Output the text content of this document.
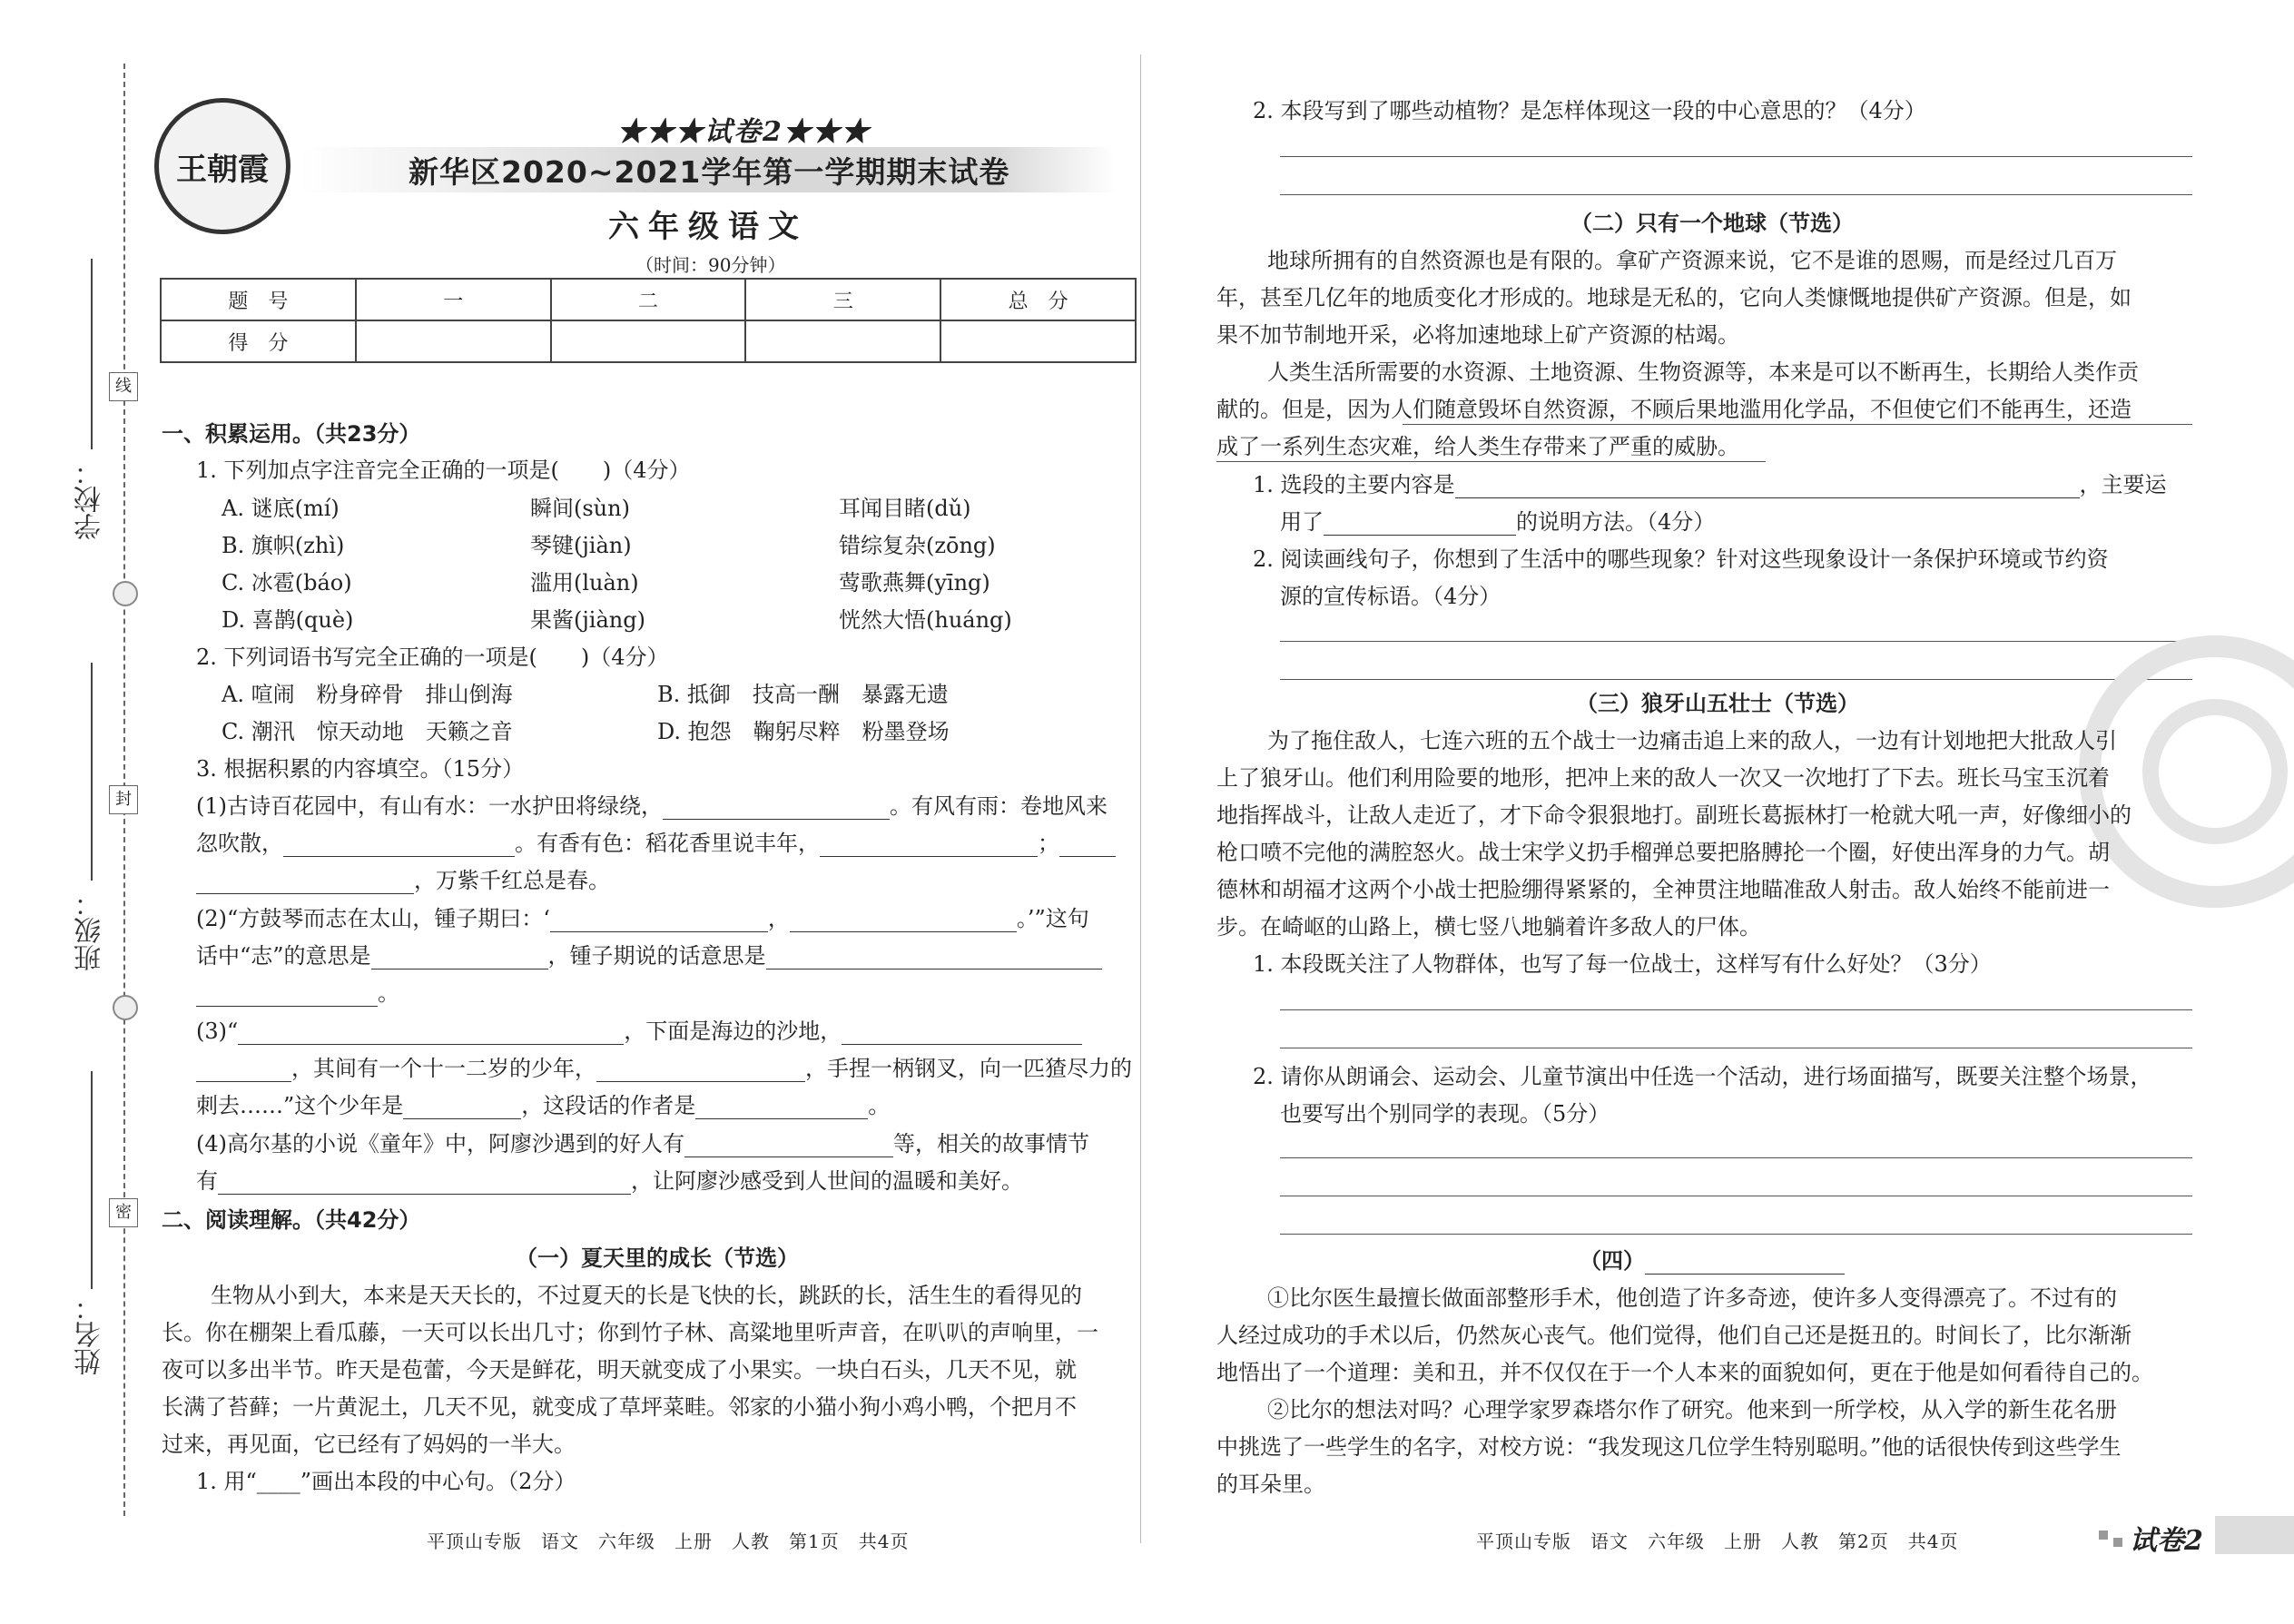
学校：
线
班级：
封
姓名：
密
王朝霞
★★★试卷2★★★
新华区2020~2021学年第一学期期末试卷
六年级语文
（时间：90分钟）
题　号	一	二	三	总　分
得　分				
一、积累运用。（共23分）
1. 下列加点字注音完全正确的一项是(　　)（4分）
A. 谜底(mí)	瞬间(sùn)	耳闻目睹(dǔ)
B. 旗帜(zhì)	琴键(jiàn)	错综复杂(zōng)
C. 冰雹(báo)	滥用(luàn)	莺歌燕舞(yīng)
D. 喜鹊(què)	果酱(jiàng)	恍然大悟(huáng)
2. 下列词语书写完全正确的一项是(　　)（4分）
A. 喧闹　粉身碎骨　排山倒海	B. 抵御　技高一酬　暴露无遗
C. 潮汛　惊天动地　天籁之音	D. 抱怨　鞠躬尽粹　粉墨登场
3. 根据积累的内容填空。（15分）
(1)古诗百花园中，有山有水：一水护田将绿绕，	。有风有雨：卷地风来
忽吹散，	。有香有色：稻花香里说丰年，	；
，万紫千红总是春。
(2)“方鼓琴而志在太山，锺子期曰：‘	，	。’”这句
话中“志”的意思是	，锺子期说的话意思是
。
(3)“	，下面是海边的沙地，
，其间有一个十一二岁的少年，	，手捏一柄钢叉，向一匹猹尽力的
刺去……”这个少年是	，这段话的作者是	。
(4)高尔基的小说《童年》中，阿廖沙遇到的好人有	等，相关的故事情节
有	，让阿廖沙感受到人世间的温暖和美好。
二、阅读理解。（共42分）
（一）夏天里的成长（节选）
生物从小到大，本来是天天长的，不过夏天的长是飞快的长，跳跃的长，活生生的看得见的
长。你在棚架上看瓜藤，一天可以长出几寸；你到竹子林、高粱地里听声音，在叭叭的声响里，一
夜可以多出半节。昨天是苞蕾，今天是鲜花，明天就变成了小果实。一块白石头，几天不见，就
长满了苔藓；一片黄泥土，几天不见，就变成了草坪菜畦。邻家的小猫小狗小鸡小鸭，个把月不
过来，再见面，它已经有了妈妈的一半大。
1. 用“____”画出本段的中心句。（2分）
平顶山专版　语文　六年级　上册　人教　第1页　共4页
2. 本段写到了哪些动植物？是怎样体现这一段的中心意思的？（4分）
（二）只有一个地球（节选）
地球所拥有的自然资源也是有限的。拿矿产资源来说，它不是谁的恩赐，而是经过几百万
年，甚至几亿年的地质变化才形成的。地球是无私的，它向人类慷慨地提供矿产资源。但是，如
果不加节制地开采，必将加速地球上矿产资源的枯竭。
人类生活所需要的水资源、土地资源、生物资源等，本来是可以不断再生，长期给人类作贡
献的。但是，因为人们随意毁坏自然资源，不顾后果地滥用化学品，不但使它们不能再生，还造
成了一系列生态灾难，给人类生存带来了严重的威胁。
1. 选段的主要内容是	，主要运
用了	的说明方法。（4分）
2. 阅读画线句子，你想到了生活中的哪些现象？针对这些现象设计一条保护环境或节约资
源的宣传标语。（4分）
（三）狼牙山五壮士（节选）
为了拖住敌人，七连六班的五个战士一边痛击追上来的敌人，一边有计划地把大批敌人引
上了狼牙山。他们利用险要的地形，把冲上来的敌人一次又一次地打了下去。班长马宝玉沉着
地指挥战斗，让敌人走近了，才下命令狠狠地打。副班长葛振林打一枪就大吼一声，好像细小的
枪口喷不完他的满腔怒火。战士宋学义扔手榴弹总要把胳膊抡一个圈，好使出浑身的力气。胡
德林和胡福才这两个小战士把脸绷得紧紧的，全神贯注地瞄准敌人射击。敌人始终不能前进一
步。在崎岖的山路上，横七竖八地躺着许多敌人的尸体。
1. 本段既关注了人物群体，也写了每一位战士，这样写有什么好处？（3分）
2. 请你从朗诵会、运动会、儿童节演出中任选一个活动，进行场面描写，既要关注整个场景，
也要写出个别同学的表现。（5分）
（四）
①比尔医生最擅长做面部整形手术，他创造了许多奇迹，使许多人变得漂亮了。不过有的
人经过成功的手术以后，仍然灰心丧气。他们觉得，他们自己还是挺丑的。时间长了，比尔渐渐
地悟出了一个道理：美和丑，并不仅仅在于一个人本来的面貌如何，更在于他是如何看待自己的。
②比尔的想法对吗？心理学家罗森塔尔作了研究。他来到一所学校，从入学的新生花名册
中挑选了一些学生的名字，对校方说：“我发现这几位学生特别聪明。”他的话很快传到这些学生
的耳朵里。
平顶山专版　语文　六年级　上册　人教　第2页　共4页	试卷2
